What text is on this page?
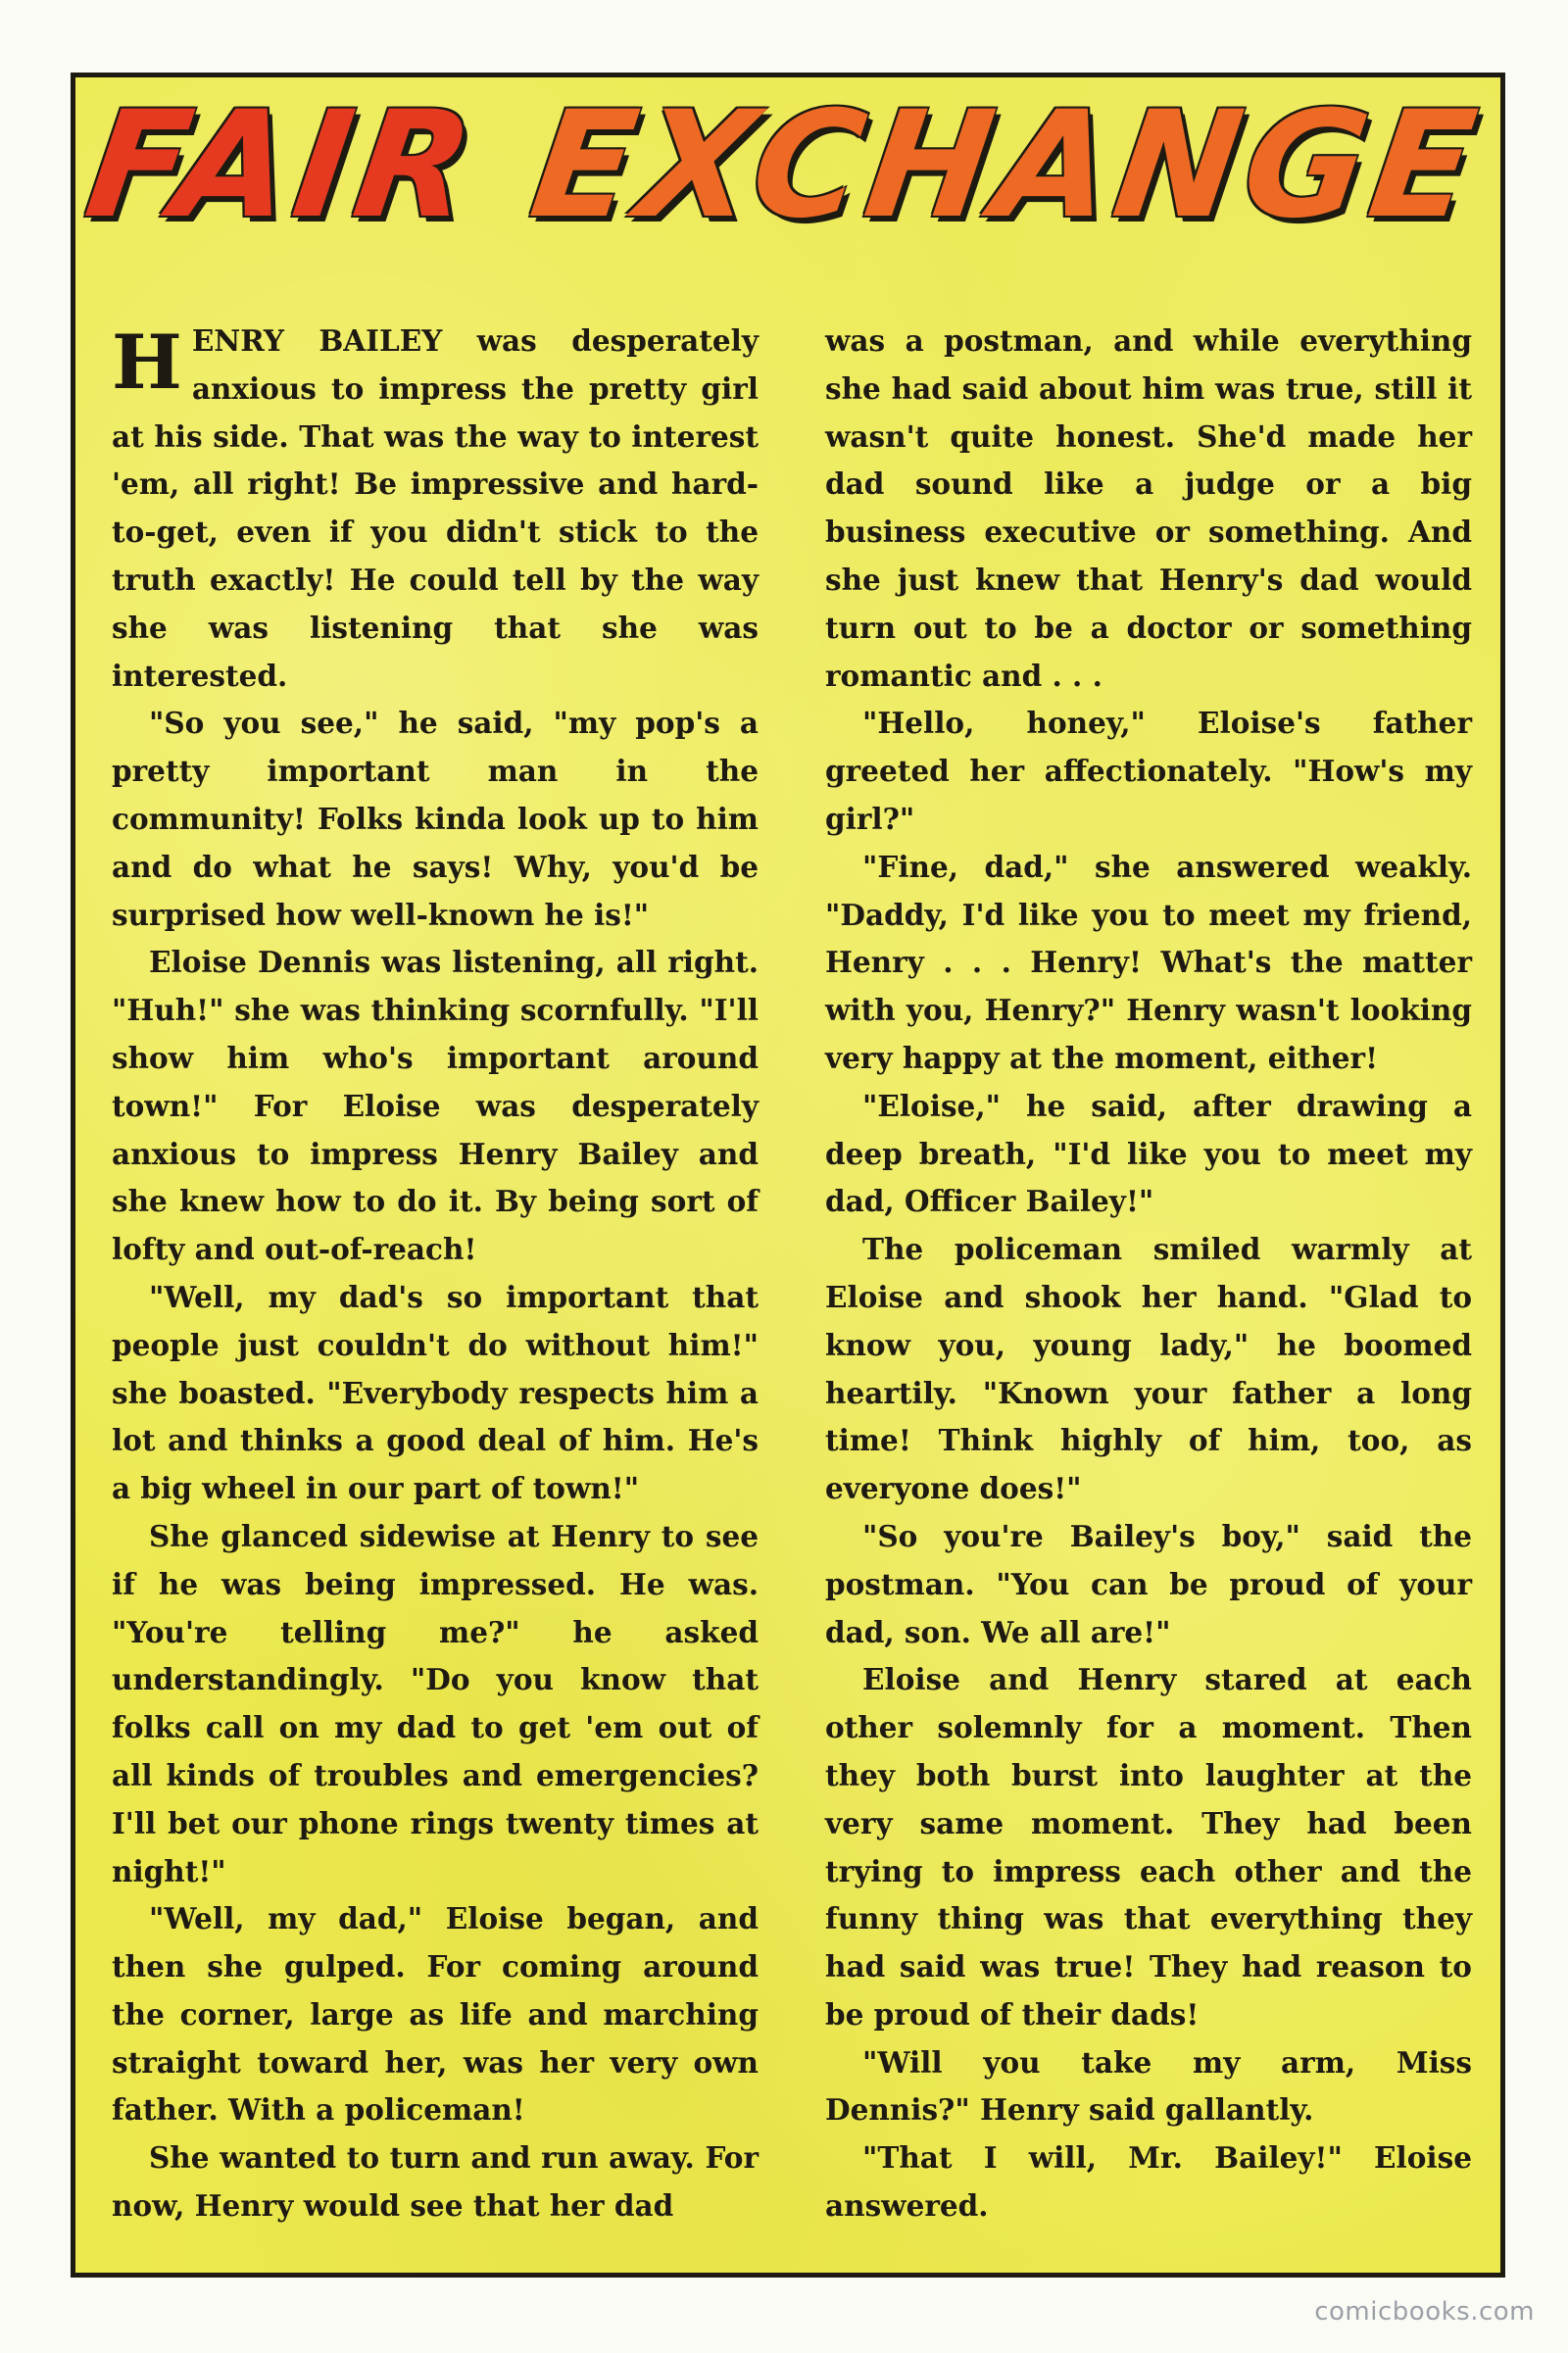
FAIR EXCHANGE

HENRY BAILEY was desperately anxious to impress the pretty girl at his side. That was the way to interest 'em, all right! Be impressive and hard-to-get, even if you didn't stick to the truth exactly! He could tell by the way she was listening that she was interested.

"So you see," he said, "my pop's a pretty important man in the community! Folks kinda look up to him and do what he says! Why, you'd be surprised how well-known he is!"

Eloise Dennis was listening, all right. "Huh!" she was thinking scornfully. "I'll show him who's important around town!" For Eloise was desperately anxious to impress Henry Bailey and she knew how to do it. By being sort of lofty and out-of-reach!

"Well, my dad's so important that people just couldn't do without him!" she boasted. "Everybody respects him a lot and thinks a good deal of him. He's a big wheel in our part of town!"

She glanced sidewise at Henry to see if he was being impressed. He was. "You're telling me?" he asked understandingly. "Do you know that folks call on my dad to get 'em out of all kinds of troubles and emergencies? I'll bet our phone rings twenty times at night!"

"Well, my dad," Eloise began, and then she gulped. For coming around the corner, large as life and marching straight toward her, was her very own father. With a policeman!

She wanted to turn and run away. For now, Henry would see that her dad

was a postman, and while everything she had said about him was true, still it wasn't quite honest. She'd made her dad sound like a judge or a big business executive or something. And she just knew that Henry's dad would turn out to be a doctor or something romantic and . . .

"Hello, honey," Eloise's father greeted her affectionately. "How's my girl?"

"Fine, dad," she answered weakly. "Daddy, I'd like you to meet my friend, Henry . . . Henry! What's the matter with you, Henry?" Henry wasn't looking very happy at the moment, either!

"Eloise," he said, after drawing a deep breath, "I'd like you to meet my dad, Officer Bailey!"

The policeman smiled warmly at Eloise and shook her hand. "Glad to know you, young lady," he boomed heartily. "Known your father a long time! Think highly of him, too, as everyone does!"

"So you're Bailey's boy," said the postman. "You can be proud of your dad, son. We all are!"

Eloise and Henry stared at each other solemnly for a moment. Then they both burst into laughter at the very same moment. They had been trying to impress each other and the funny thing was that everything they had said was true! They had reason to be proud of their dads!

"Will you take my arm, Miss Dennis?" Henry said gallantly.

"That I will, Mr. Bailey!" Eloise answered.

comicbooks.com
